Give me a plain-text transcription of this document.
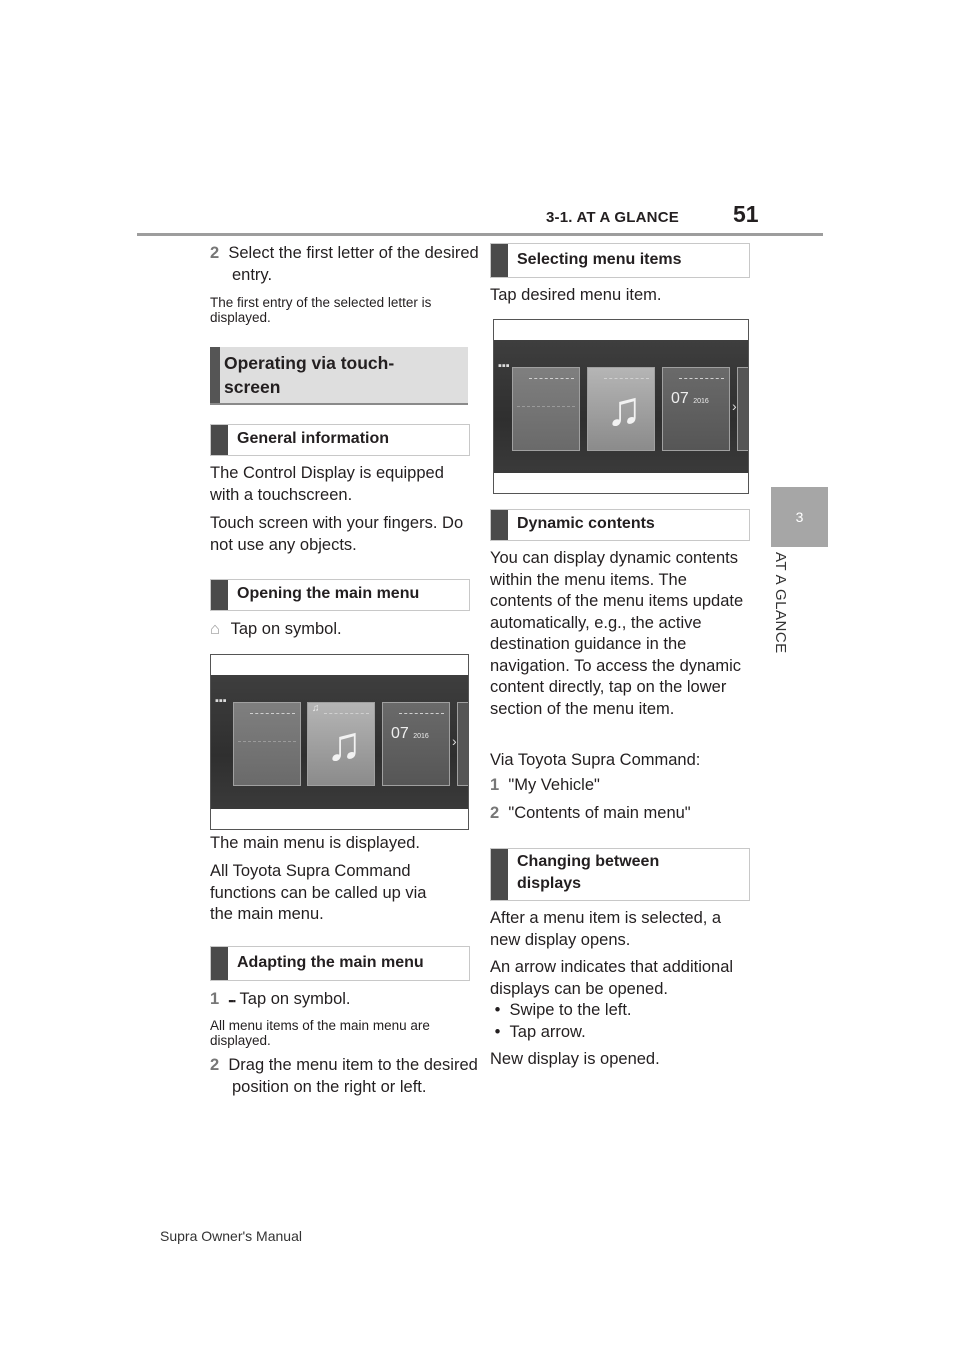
3-1. AT A GLANCE 51
3
AT A GLANCE
2 Select the first letter of the desired entry.
The first entry of the selected letter is displayed.
Operating via touch-screen
General information
The Control Display is equipped with a touchscreen.
Touch screen with your fingers. Do not use any objects.
Opening the main menu
⌂ Tap on symbol.
▪▪▪
♫
♫ 07 2016 ›
The main menu is displayed.
All Toyota Supra Command functions can be called up via the main menu.
Adapting the main menu
1 ▪▪▪ Tap on symbol.
All menu items of the main menu are displayed.
2 Drag the menu item to the desired position on the right or left.
Selecting menu items
Tap desired menu item.
▪▪▪
♫ 07 2016 ›
Dynamic contents
You can display dynamic contents within the menu items. The contents of the menu items update automatically, e.g., the active destination guidance in the navigation. To access the dynamic content directly, tap on the lower section of the menu item.
Via Toyota Supra Command:
1 "My Vehicle"
2 "Contents of main menu"
Changing between displays
After a menu item is selected, a new display opens.
An arrow indicates that additional displays can be opened.
•  Swipe to the left.
•  Tap arrow.
New display is opened.
Supra Owner's Manual
